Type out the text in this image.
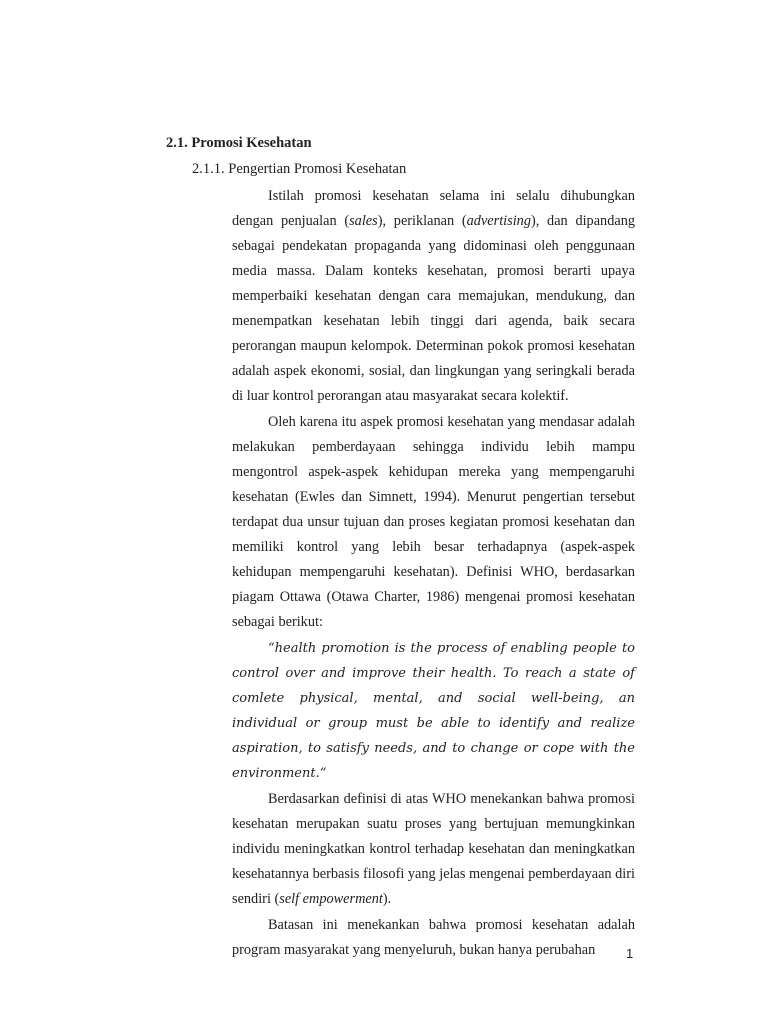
2.1. Promosi Kesehatan
2.1.1. Pengertian Promosi Kesehatan

Istilah promosi kesehatan selama ini selalu dihubungkan dengan penjualan (sales), periklanan (advertising), dan dipandang sebagai pendekatan propaganda yang didominasi oleh penggunaan media massa. Dalam konteks kesehatan, promosi berarti upaya memperbaiki kesehatan dengan cara memajukan, mendukung, dan menempatkan kesehatan lebih tinggi dari agenda, baik secara perorangan maupun kelompok. Determinan pokok promosi kesehatan adalah aspek ekonomi, sosial, dan lingkungan yang seringkali berada di luar kontrol perorangan atau masyarakat secara kolektif.

Oleh karena itu aspek promosi kesehatan yang mendasar adalah melakukan pemberdayaan sehingga individu lebih mampu mengontrol aspek-aspek kehidupan mereka yang mempengaruhi kesehatan (Ewles dan Simnett, 1994). Menurut pengertian tersebut terdapat dua unsur tujuan dan proses kegiatan promosi kesehatan dan memiliki kontrol yang lebih besar terhadapnya (aspek-aspek kehidupan mempengaruhi kesehatan). Definisi WHO, berdasarkan piagam Ottawa (Otawa Charter, 1986) mengenai promosi kesehatan sebagai berikut:

“health promotion is the process of enabling people to control over and improve their health. To reach a state of comlete physical, mental, and social well-being, an individual or group must be able to identify and realize aspiration, to satisfy needs, and to change or cope with the environment.“

Berdasarkan definisi di atas WHO menekankan bahwa promosi kesehatan merupakan suatu proses yang bertujuan memungkinkan individu meningkatkan kontrol terhadap kesehatan dan meningkatkan kesehatannya berbasis filosofi yang jelas mengenai pemberdayaan diri sendiri (self empowerment).

Batasan ini menekankan bahwa promosi kesehatan adalah program masyarakat yang menyeluruh, bukan hanya perubahan	1
